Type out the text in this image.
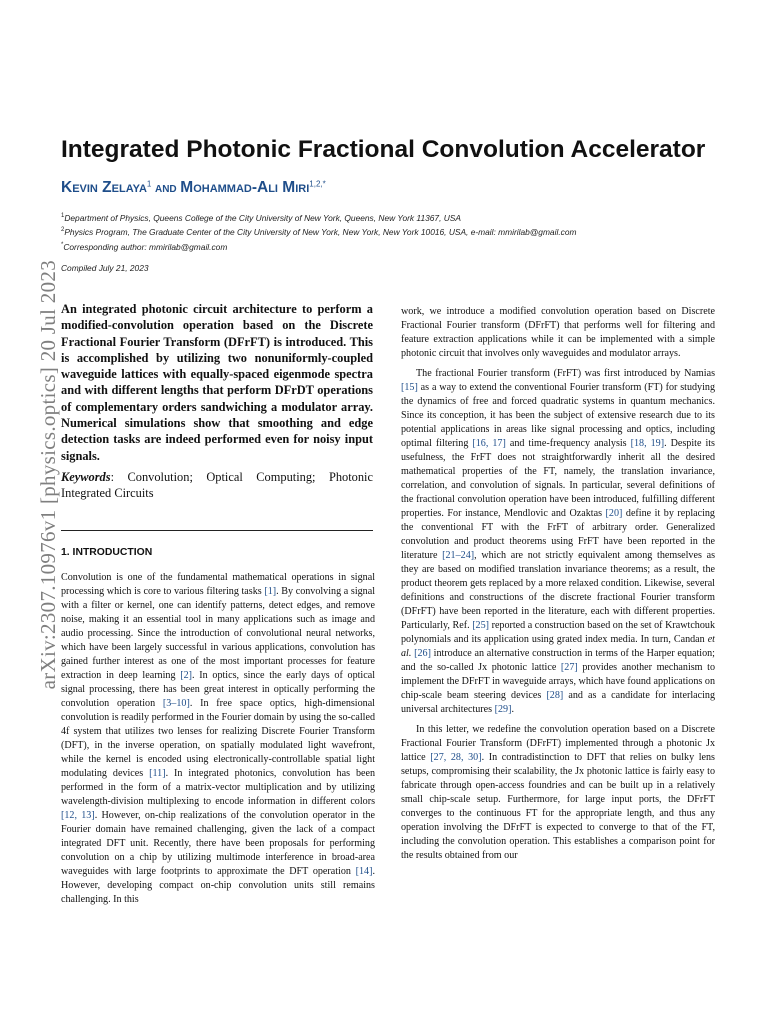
arXiv:2307.10976v1 [physics.optics] 20 Jul 2023
Integrated Photonic Fractional Convolution Accelerator
Kevin Zelaya$^1$ and Mohammad-Ali Miri$^{1,2,*}$
$^1$Department of Physics, Queens College of the City University of New York, Queens, New York 11367, USA
$^2$Physics Program, The Graduate Center of the City University of New York, New York, New York 10016, USA, e-mail: mmirilab@gmail.com
*Corresponding author: mmirilab@gmail.com
Compiled July 21, 2023
An integrated photonic circuit architecture to perform a modified-convolution operation based on the Discrete Fractional Fourier Transform (DFrFT) is introduced. This is accomplished by utilizing two nonuniformly-coupled waveguide lattices with equally-spaced eigenmode spectra and with different lengths that perform DFrDT operations of complementary orders sandwiching a modulator array. Numerical simulations show that smoothing and edge detection tasks are indeed performed even for noisy input signals.
Keywords: Convolution; Optical Computing; Photonic Integrated Circuits
1. INTRODUCTION

Convolution is one of the fundamental mathematical operations in signal processing which is core to various filtering tasks [1]. By convolving a signal with a filter or kernel, one can identify patterns, detect edges, and remove noise, making it an essential tool in many applications such as image and audio processing. Since the introduction of convolutional neural networks, which have been largely successful in various applications, convolution has gained further interest as one of the most important processes for feature extraction in deep learning [2]. In optics, since the early days of optical signal processing, there has been great interest in optically performing the convolution operation [3–10]. In free space optics, high-dimensional convolution is readily performed in the Fourier domain by using the so-called 4f system that utilizes two lenses for realizing Discrete Fourier Transform (DFT), in the inverse operation, on spatially modulated light wavefront, while the kernel is encoded using electronically-controllable spatial light modulating devices [11]. In integrated photonics, convolution has been performed in the form of a matrix-vector multiplication and by utilizing wavelength-division multiplexing to encode information in different colors [12, 13]. However, on-chip realizations of the convolution operator in the Fourier domain have remained challenging, given the lack of a compact integrated DFT unit. Recently, there have been proposals for performing convolution on a chip by utilizing multimode interference in broad-area waveguides with large footprints to approximate the DFT operation [14]. However, developing compact on-chip convolution units still remains challenging. In this

work, we introduce a modified convolution operation based on Discrete Fractional Fourier transform (DFrFT) that performs well for filtering and feature extraction applications while it can be implemented with a simple photonic circuit that involves only waveguides and modulator arrays.

The fractional Fourier transform (FrFT) was first introduced by Namias [15] as a way to extend the conventional Fourier transform (FT) for studying the dynamics of free and forced quadratic systems in quantum mechanics. Since its conception, it has been the subject of extensive research due to its potential applications in areas like signal processing and optics, including optimal filtering [16, 17] and time-frequency analysis [18, 19]. Despite its usefulness, the FrFT does not straightforwardly inherit all the desired mathematical properties of the FT, namely, the translation invariance, correlation, and convolution of signals. In particular, several definitions of the fractional convolution operation have been introduced, fulfilling different properties. For instance, Mendlovic and Ozaktas [20] define it by replacing the conventional FT with the FrFT of arbitrary order. Generalized convolution and product theorems using FrFT have been reported in the literature [21–24], which are not strictly equivalent among themselves as they are based on modified translation invariance theorems; as a result, the product theorem gets replaced by a more relaxed condition. Likewise, several definitions and constructions of the discrete fractional Fourier transform (DFrFT) have been reported in the literature, each with different properties. Particularly, Ref. [25] reported a construction based on the set of Krawtchouk polynomials and its application using grated index media. In turn, Candan et al. [26] introduce an alternative construction in terms of the Harper equation; and the so-called Jx photonic lattice [27] provides another mechanism to implement the DFrFT in waveguide arrays, which have found applications on chip-scale beam steering devices [28] and as a candidate for interlacing universal architectures [29].

In this letter, we redefine the convolution operation based on a Discrete Fractional Fourier Transform (DFrFT) implemented through a photonic Jx lattice [27, 28, 30]. In contradistinction to DFT that relies on bulky lens setups, compromising their scalability, the Jx photonic lattice is fairly easy to fabricate through open-access foundries and can be built up in a relatively small chip-scale setup. Furthermore, for large input ports, the DFrFT converges to the continuous FT for the appropriate length, and thus any operation involving the DFrFT is expected to converge to that of the FT, including the convolution operation. This establishes a comparison point for the results obtained from our
